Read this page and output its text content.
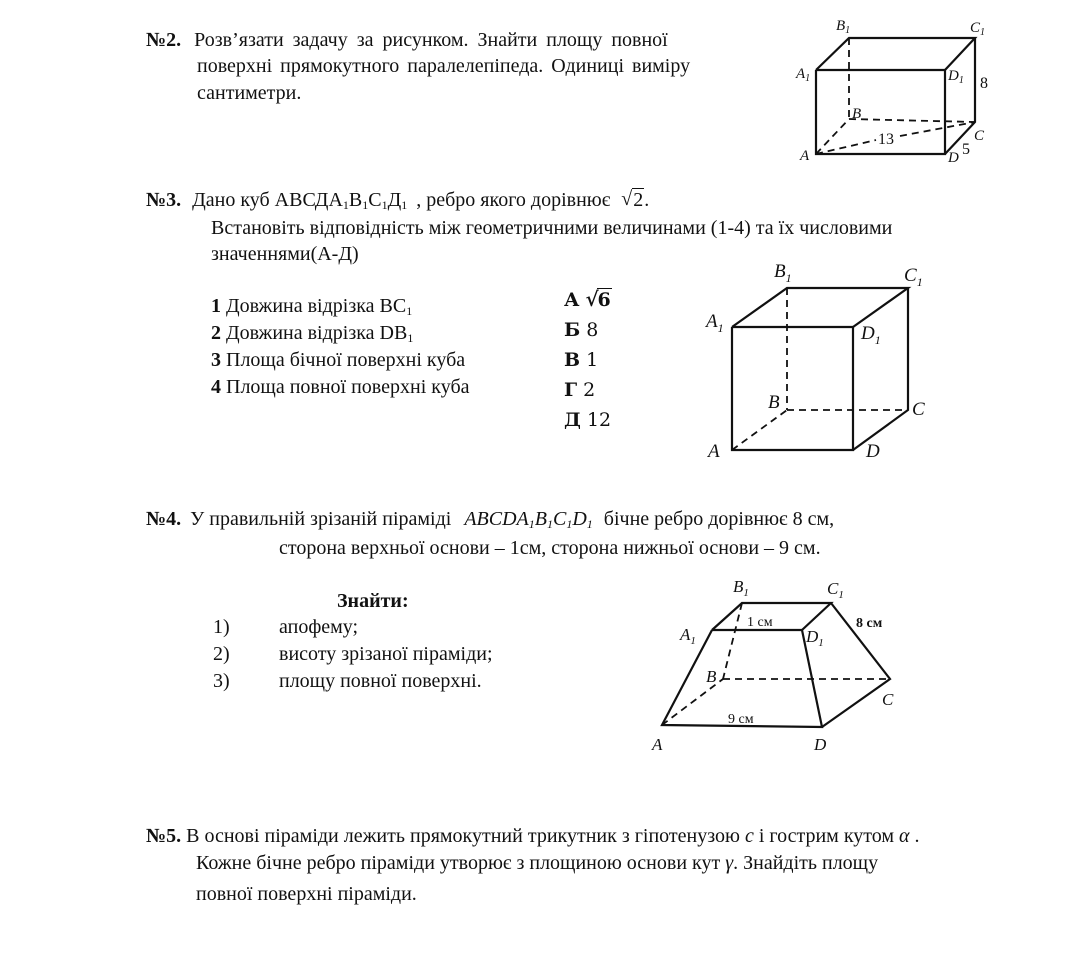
№2. Розв’язати задачу за рисунком. Знайти площу повної
поверхні прямокутного паралелепіпеда. Одиниці виміру
сантиметри.
$B_1$	$C_1$
$A_1$	$D_1$
B
A
C
D
8
13
5
№3. Дано куб $АВСДА_1В_1С_1Д_1$ , ребро якого дорівнює √ 2.
Встановіть відповідність між геометричними величинами (1-4) та їх числовими
значеннями(А-Д)
1 Довжина відрізка $ВС_1$
2 Довжина відрізка $DB_1$
3 Площа бічної поверхні куба
4 Площа повної поверхні куба
А √
6
Б 8
В 1
Г 2
Д 12
$B_1$	$C_1$
$A_1$	$D_1$
B	C
A	D
№4. У правильній зрізаній піраміді $ABCDA_1B_1C_1D_1$ бічне ребро дорівнює 8 см,
сторона верхньої основи – 1см, сторона нижньої основи – 9 см.
Знайти:
1) апофему;
2) висоту зрізаної піраміди;
3) площу повної поверхні.
$B_1$	$C_1$
$A_1$	$D_1$
B
C
A	D
1 см	8 см
9 см
№5. В основі піраміди лежить прямокутний трикутник з гіпотенузою c і гострим кутом α .
Кожне бічне ребро піраміди утворює з площиною основи кут γ. Знайдіть площу
повної поверхні піраміди.
